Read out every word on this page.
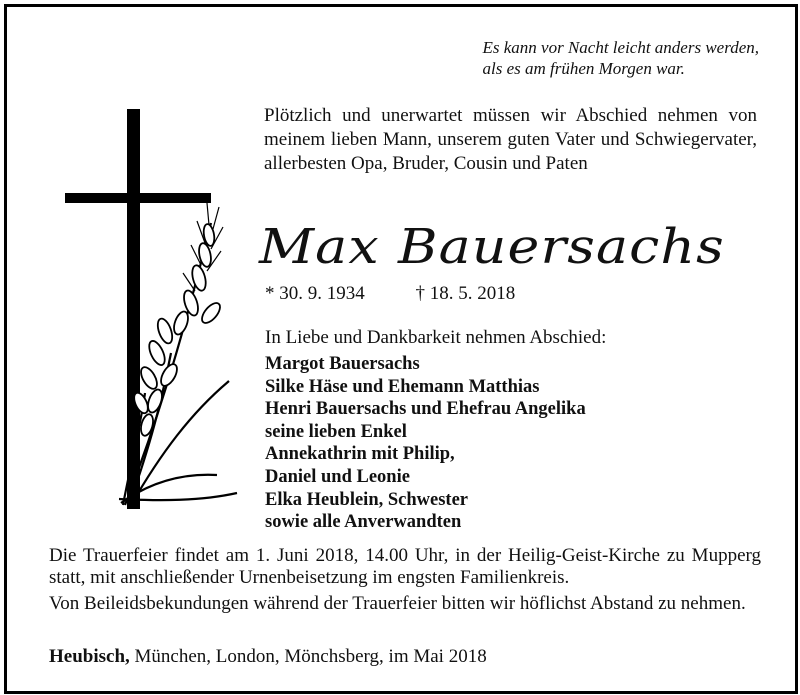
Es kann vor Nacht leicht anders werden,
als es am frühen Morgen war.
Plötzlich und unerwartet müssen wir Abschied nehmen von meinem lieben Mann, unserem guten Vater und Schwiegervater, allerbesten Opa, Bruder, Cousin und Paten
Max Bauersachs
* 30. 9. 1934	† 18. 5. 2018
In Liebe und Dankbarkeit nehmen Abschied:
Margot Bauersachs
Silke Häse und Ehemann Matthias
Henri Bauersachs und Ehefrau Angelika
seine lieben Enkel
Annekathrin mit Philip,
Daniel und Leonie
Elka Heublein, Schwester
sowie alle Anverwandten
Die Trauerfeier findet am 1. Juni 2018, 14.00 Uhr, in der Heilig-Geist-Kirche zu Mupperg statt, mit anschließender Urnenbeisetzung im engsten Familienkreis.
Von Beileidsbekundungen während der Trauerfeier bitten wir höflichst Abstand zu nehmen.
Heubisch, München, London, Mönchsberg, im Mai 2018
